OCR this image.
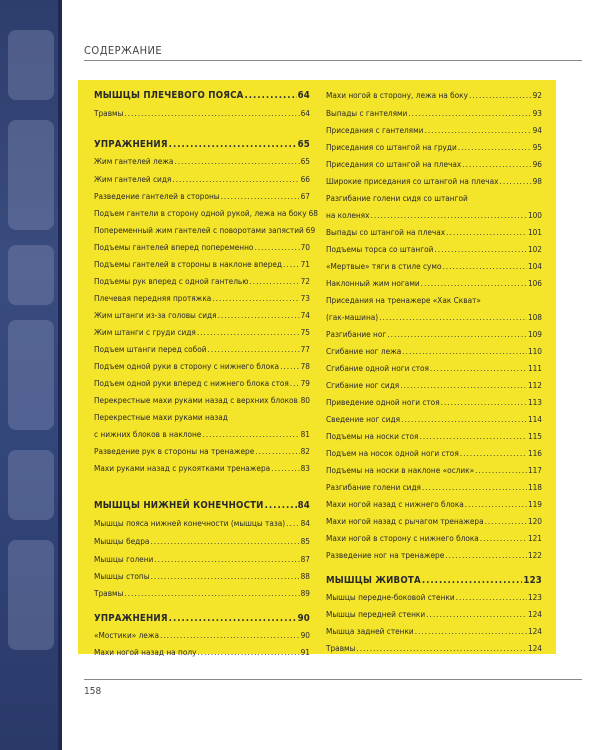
СОДЕРЖАНИЕ
МЫШЦЫ ПЛЕЧЕВОГО ПОЯСА .....	64
Травмы .....	64
УПРАЖНЕНИЯ .....	65
Жим гантелей лежа .....	65
Жим гантелей сидя .....	66
Разведение гантелей в стороны .....	67
Подъем гантели в сторону одной рукой, лежа на боку 68
Попеременный жим гантелей с поворотами запястий 69
Подъемы гантелей вперед попеременно .....	70
Подъемы гантелей в стороны в наклоне вперед ..... 71
Подъемы рук вперед с одной гантелью .....	72
Плечевая передняя протяжка .....	73
Жим штанги из-за головы сидя .....	74
Жим штанги с груди сидя .....	75
Подъем штанги перед собой .....	77
Подъем одной руки в сторону с нижнего блока .....	78
Подъем одной руки вперед с нижнего блока стоя ..... 79
Перекрестные махи руками назад с верхних блоков ..... 80
Перекрестные махи руками назад
с нижних блоков в наклоне .....	81
Разведение рук в стороны на тренажере .....	82
Махи руками назад с рукоятками тренажера .....	83
МЫШЦЫ НИЖНЕЙ КОНЕЧНОСТИ .....	84
Мышцы пояса нижней конечности (мышцы таза) ..... 84
Мышцы бедра .....	85
Мышцы голени .....	87
Мышцы стопы .....	88
Травмы .....	89
УПРАЖНЕНИЯ .....	90
«Мостики» лежа .....	90
Махи ногой назад на полу .....	91
Махи ногой в сторону, лежа на боку .....	92
Выпады с гантелями .....	93
Приседания с гантелями .....	94
Приседания со штангой на груди .....	95
Приседания со штангой на плечах .....	96
Широкие приседания со штангой на плечах .....	98
Разгибание голени сидя со штангой
на коленях .....	100
Выпады со штангой на плечах .....	101
Подъемы торса со штангой .....	102
«Мертвые» тяги в стиле сумо .....	104
Наклонный жим ногами .....	106
Приседания на тренажере «Хак Скват»
(гак-машина) .....	108
Разгибание ног .....	109
Сгибание ног лежа .....	110
Сгибание одной ноги стоя .....	111
Сгибание ног сидя .....	112
Приведение одной ноги стоя .....	113
Сведение ног сидя .....	114
Подъемы на носки стоя .....	115
Подъем на носок одной ноги стоя .....	116
Подъемы на носки в наклоне «ослик» .....	117
Разгибание голени сидя .....	118
Махи ногой назад с нижнего блока .....	119
Махи ногой назад с рычагом тренажера .....	120
Махи ногой в сторону с нижнего блока .....	121
Разведение ног на тренажере .....	122
МЫШЦЫ ЖИВОТА .....	123
Мышцы передне-боковой стенки .....	123
Мышцы передней стенки .....	124
Мышца задней стенки .....	124
Травмы .....	124
158
